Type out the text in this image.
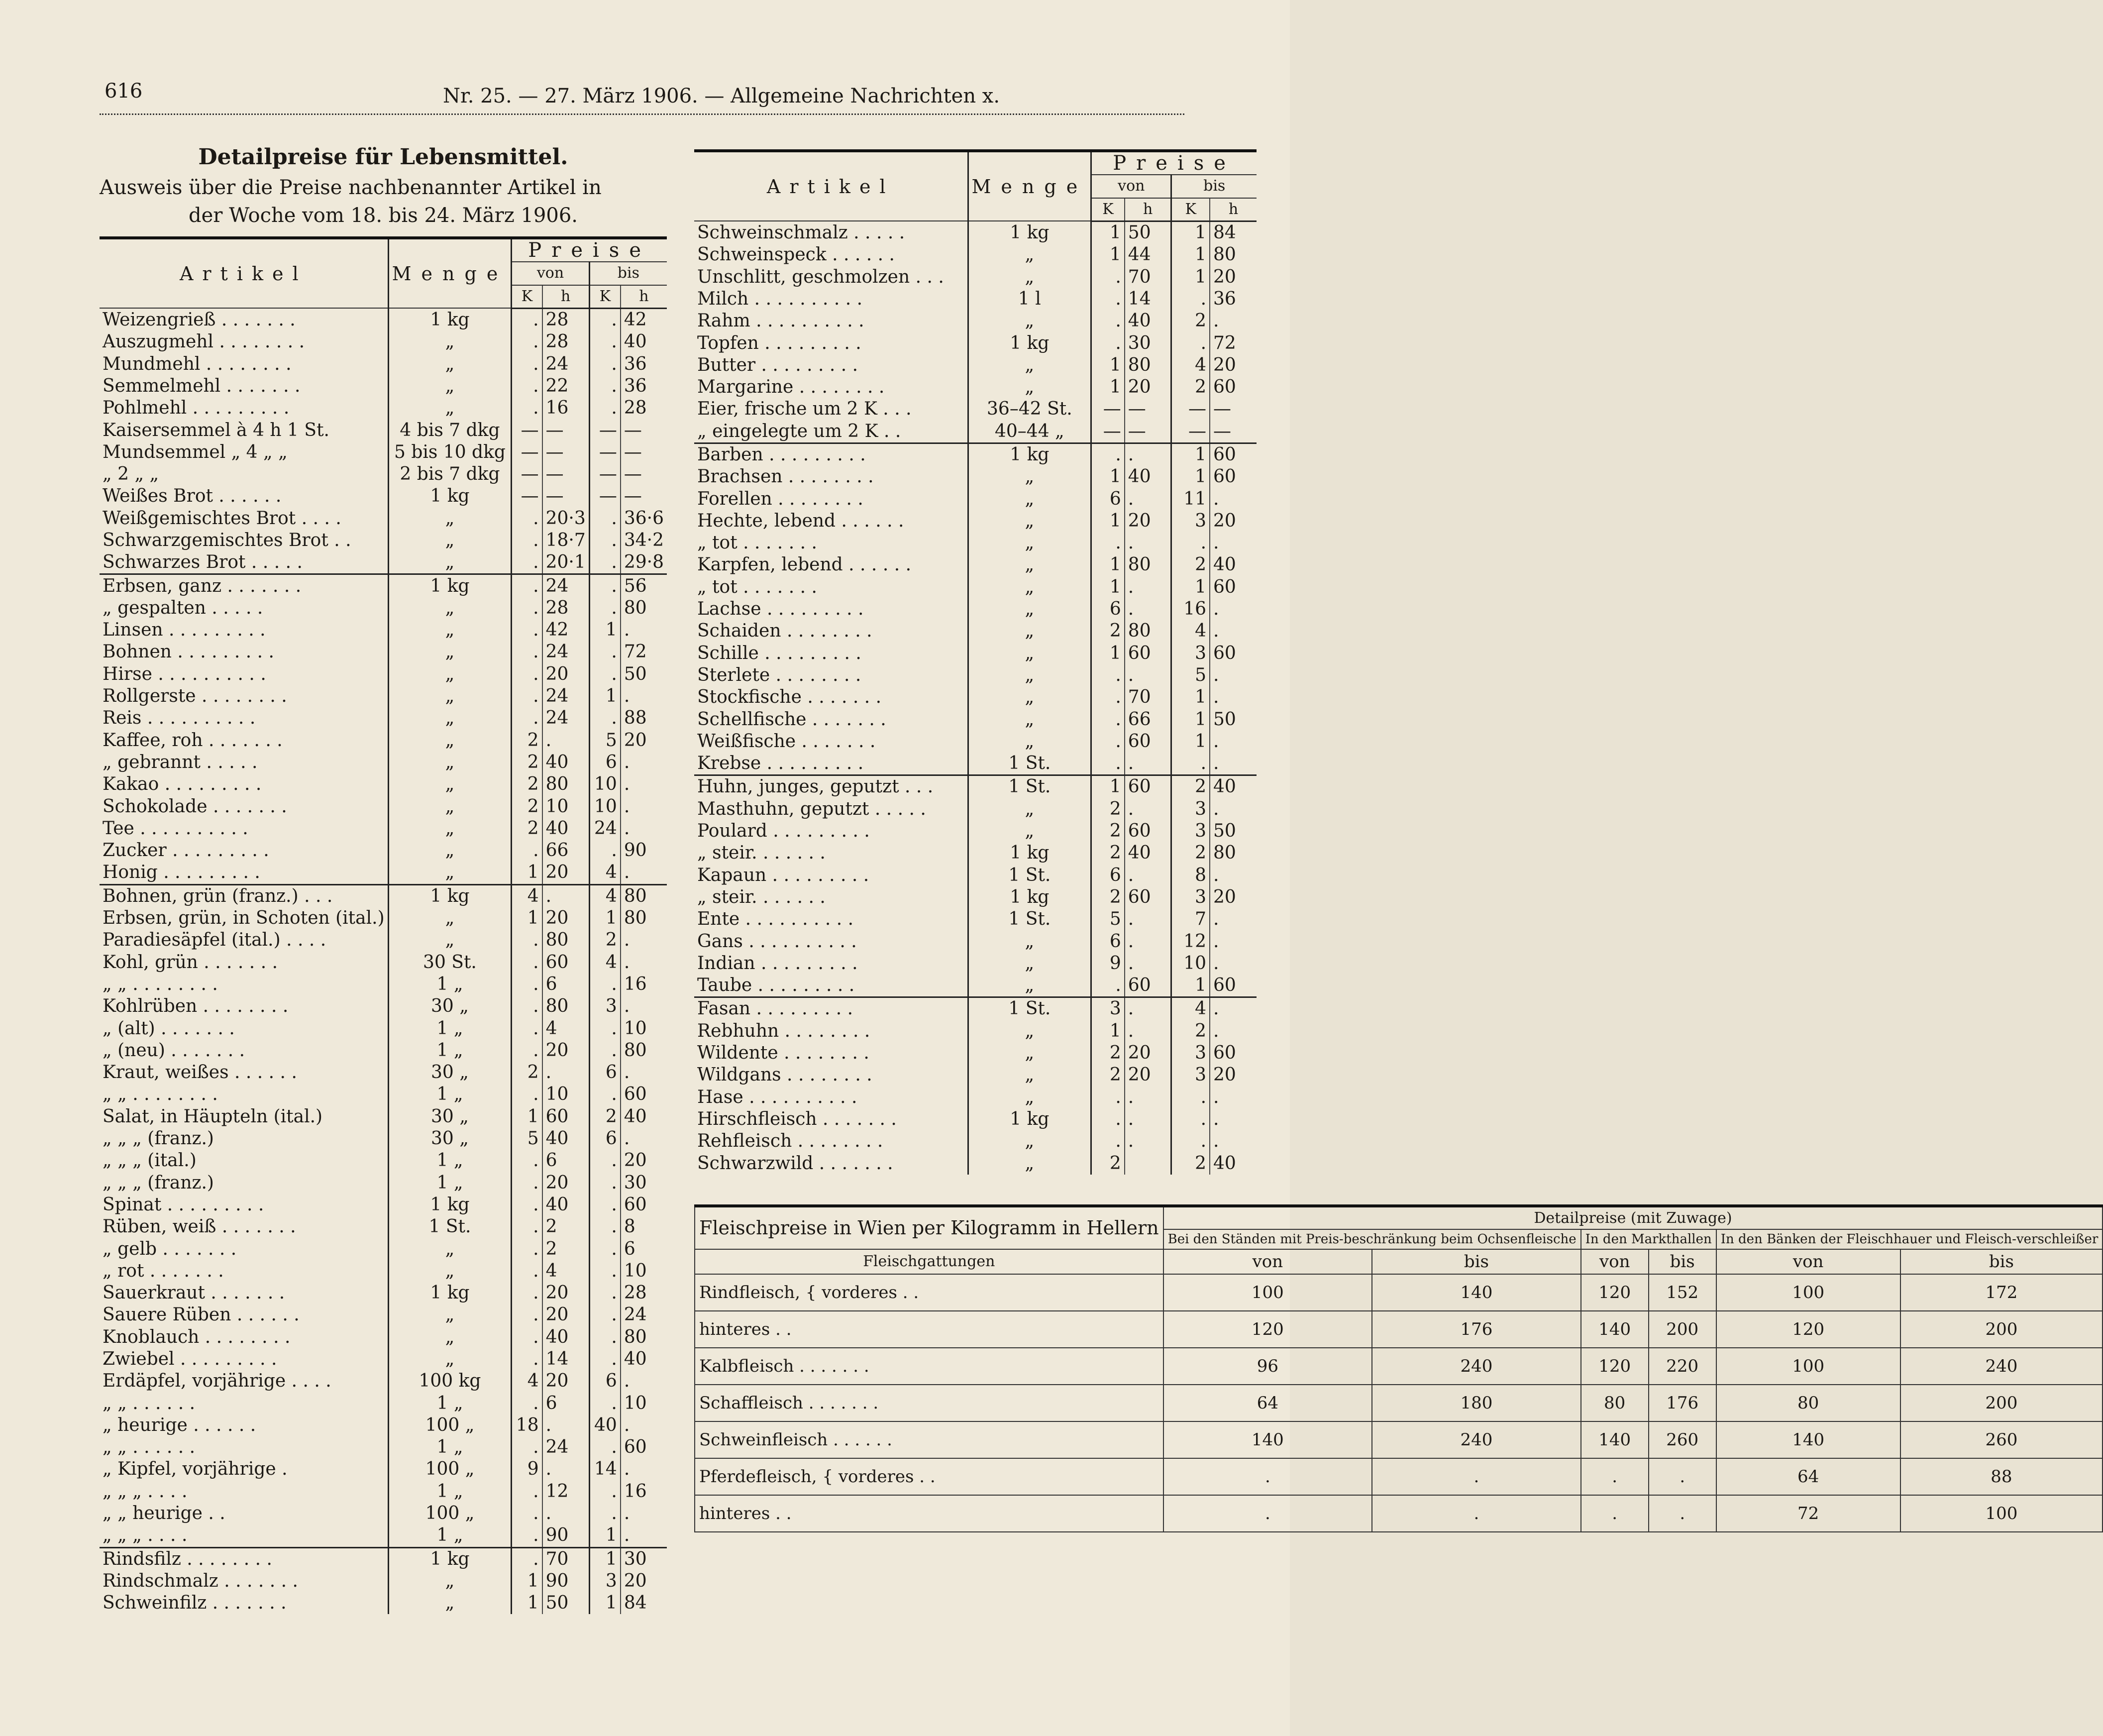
616	Nr. 25. — 27. März 1906. — Allgemeine Nachrichten x.
Detailpreise für Lebensmittel.
Ausweis über die Preise nachbenannter Artikel in
der Woche vom 18. bis 24. März 1906.
Artikel	Menge	Preise			
		von		bis	
		K	h	K	h
Weizengrieß . . . . . . .	1 kg	.	28	.	42
Auszugmehl . . . . . . . .	„	.	28	.	40
Mundmehl . . . . . . . .	„	.	24	.	36
Semmelmehl . . . . . . .	„	.	22	.	36
Pohlmehl . . . . . . . . .	„	.	16	.	28
Kaisersemmel à 4 h 1 St.	4 bis 7 dkg	—	—	—	—
Mundsemmel „ 4 „ „	5 bis 10 dkg	—	—	—	—
„ 2 „ „	2 bis 7 dkg	—	—	—	—
Weißes Brot . . . . . .	1 kg	—	—	—	—
Weißgemischtes Brot . . . .	„	.	20·3	.	36·6
Schwarzgemischtes Brot . .	„	.	18·7	.	34·2
Schwarzes Brot . . . . .	„	.	20·1	.	29·8
Erbsen, ganz . . . . . . .	1 kg	.	24	.	56
„ gespalten . . . . .	„	.	28	.	80
Linsen . . . . . . . . .	„	.	42	1	.
Bohnen . . . . . . . . .	„	.	24	.	72
Hirse . . . . . . . . . .	„	.	20	.	50
Rollgerste . . . . . . . .	„	.	24	1	.
Reis . . . . . . . . . .	„	.	24	.	88
Kaffee, roh . . . . . . .	„	2	.	5	20
„ gebrannt . . . . .	„	2	40	6	.
Kakao . . . . . . . . .	„	2	80	10	.
Schokolade . . . . . . .	„	2	10	10	.
Tee . . . . . . . . . .	„	2	40	24	.
Zucker . . . . . . . . .	„	.	66	.	90
Honig . . . . . . . . .	„	1	20	4	.
Bohnen, grün (franz.) . . .	1 kg	4	.	4	80
Erbsen, grün, in Schoten (ital.)	„	1	20	1	80
Paradiesäpfel (ital.) . . . .	„	.	80	2	.
Kohl, grün . . . . . . .	30 St.	.	60	4	.
„ „ . . . . . . . .	1 „	.	6	.	16
Kohlrüben . . . . . . . .	30 „	.	80	3	.
„ (alt) . . . . . . .	1 „	.	4	.	10
„ (neu) . . . . . . .	1 „	.	20	.	80
Kraut, weißes . . . . . .	30 „	2	.	6	.
„ „ . . . . . . . .	1 „	.	10	.	60
Salat, in Häupteln (ital.)	30 „	1	60	2	40
„ „ „ (franz.)	30 „	5	40	6	.
„ „ „ (ital.)	1 „	.	6	.	20
„ „ „ (franz.)	1 „	.	20	.	30
Spinat . . . . . . . . .	1 kg	.	40	.	60
Rüben, weiß . . . . . . .	1 St.	.	2	.	8
„ gelb . . . . . . .	„	.	2	.	6
„ rot . . . . . . .	„	.	4	.	10
Sauerkraut . . . . . . .	1 kg	.	20	.	28
Sauere Rüben . . . . . .	„	.	20	.	24
Knoblauch . . . . . . . .	„	.	40	.	80
Zwiebel . . . . . . . . .	„	.	14	.	40
Erdäpfel, vorjährige . . . .	100 kg	4	20	6	.
„ „ . . . . . .	1 „	.	6	.	10
„ heurige . . . . . .	100 „	18	.	40	.
„ „ . . . . . .	1 „	.	24	.	60
„ Kipfel, vorjährige .	100 „	9	.	14	.
„ „ „ . . . .	1 „	.	12	.	16
„ „ heurige . .	100 „	.	.	.	.
„ „ „ . . . .	1 „	.	90	1	.
Rindsfilz . . . . . . . .	1 kg	.	70	1	30
Rindschmalz . . . . . . .	„	1	90	3	20
Schweinfilz . . . . . . .	„	1	50	1	84
Artikel	Menge	Preise			
		von		bis	
		K	h	K	h
Schweinschmalz . . . . .	1 kg	1	50	1	84
Schweinspeck . . . . . .	„	1	44	1	80
Unschlitt, geschmolzen . . .	„	.	70	1	20
Milch . . . . . . . . . .	1 l	.	14	.	36
Rahm . . . . . . . . . .	„	.	40	2	.
Topfen . . . . . . . . .	1 kg	.	30	.	72
Butter . . . . . . . . .	„	1	80	4	20
Margarine . . . . . . . .	„	1	20	2	60
Eier, frische um 2 K . . .	36–42 St.	—	—	—	—
„ eingelegte um 2 K . .	40–44 „	—	—	—	—
Barben . . . . . . . . .	1 kg	.	.	1	60
Brachsen . . . . . . . .	„	1	40	1	60
Forellen . . . . . . . .	„	6	.	11	.
Hechte, lebend . . . . . .	„	1	20	3	20
„ tot . . . . . . .	„	.	.	.	.
Karpfen, lebend . . . . . .	„	1	80	2	40
„ tot . . . . . . .	„	1	.	1	60
Lachse . . . . . . . . .	„	6	.	16	.
Schaiden . . . . . . . .	„	2	80	4	.
Schille . . . . . . . . .	„	1	60	3	60
Sterlete . . . . . . . .	„	.	.	5	.
Stockfische . . . . . . .	„	.	70	1	.
Schellfische . . . . . . .	„	.	66	1	50
Weißfische . . . . . . .	„	.	60	1	.
Krebse . . . . . . . . .	1 St.	.	.	.	.
Huhn, junges, geputzt . . .	1 St.	1	60	2	40
Masthuhn, geputzt . . . . .	„	2	.	3	.
Poulard . . . . . . . . .	„	2	60	3	50
„ steir. . . . . . .	1 kg	2	40	2	80
Kapaun . . . . . . . . .	1 St.	6	.	8	.
„ steir. . . . . . .	1 kg	2	60	3	20
Ente . . . . . . . . . .	1 St.	5	.	7	.
Gans . . . . . . . . . .	„	6	.	12	.
Indian . . . . . . . . .	„	9	.	10	.
Taube . . . . . . . . .	„	.	60	1	60
Fasan . . . . . . . . .	1 St.	3	.	4	.
Rebhuhn . . . . . . . .	„	1	.	2	.
Wildente . . . . . . . .	„	2	20	3	60
Wildgans . . . . . . . .	„	2	20	3	20
Hase . . . . . . . . . .	„	.	.	.	.
Hirschfleisch . . . . . . .	1 kg	.	.	.	.
Rehfleisch . . . . . . . .	„	.	.	.	.
Schwarzwild . . . . . . .	„	2		2	40
Fleischpreise in Wien per Kilogramm in Hellern	Detailpreise (mit Zuwage)					
	Bei den Ständen mit Preis-beschränkung beim Ochsenfleische		In den Markthallen		In den Bänken der Fleischhauer und Fleisch-verschleißer	
Fleischgattungen	von	bis	von	bis	von	bis
Rindfleisch, { vorderes . .	100	140	120	152	100	172
hinteres . .	120	176	140	200	120	200
Kalbfleisch . . . . . . .	96	240	120	220	100	240
Schaffleisch . . . . . . .	64	180	80	176	80	200
Schweinfleisch . . . . . .	140	240	140	260	140	260
Pferdefleisch, { vorderes . .	.	.	.	.	64	88
hinteres . .	.	.	.	.	72	100
